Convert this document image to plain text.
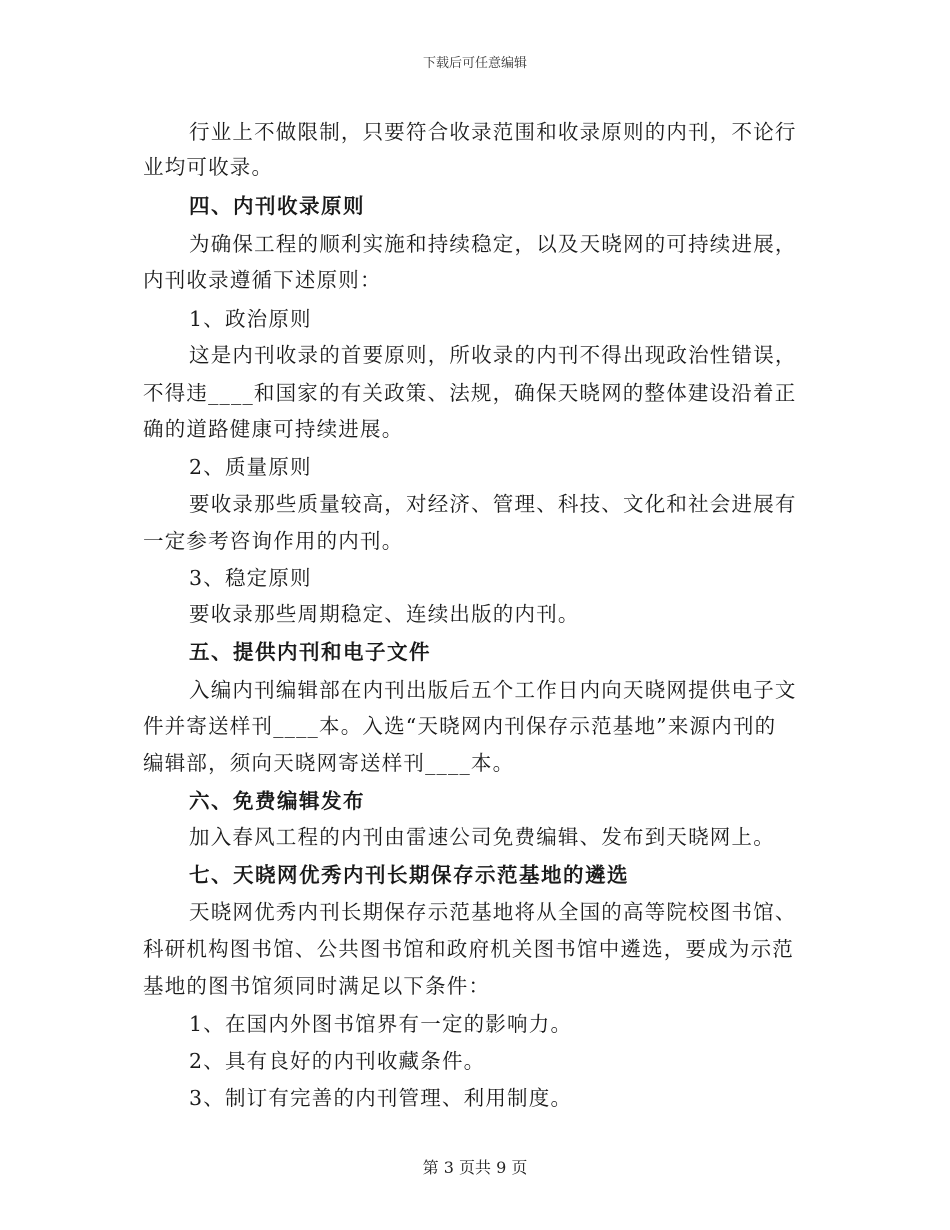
下载后可任意编辑
行业上不做限制，只要符合收录范围和收录原则的内刊，不论行
业均可收录。
四、内刊收录原则
为确保工程的顺利实施和持续稳定，以及天晓网的可持续进展，
内刊收录遵循下述原则：
1、政治原则
这是内刊收录的首要原则，所收录的内刊不得出现政治性错误，
不得违____和国家的有关政策、法规，确保天晓网的整体建设沿着正
确的道路健康可持续进展。
2、质量原则
要收录那些质量较高，对经济、管理、科技、文化和社会进展有
一定参考咨询作用的内刊。
3、稳定原则
要收录那些周期稳定、连续出版的内刊。
五、提供内刊和电子文件
入编内刊编辑部在内刊出版后五个工作日内向天晓网提供电子文
件并寄送样刊____本。入选“天晓网内刊保存示范基地”来源内刊的
编辑部，须向天晓网寄送样刊____本。
六、免费编辑发布
加入春风工程的内刊由雷速公司免费编辑、发布到天晓网上。
七、天晓网优秀内刊长期保存示范基地的遴选
天晓网优秀内刊长期保存示范基地将从全国的高等院校图书馆、
科研机构图书馆、公共图书馆和政府机关图书馆中遴选，要成为示范
基地的图书馆须同时满足以下条件：
1、在国内外图书馆界有一定的影响力。
2、具有良好的内刊收藏条件。
3、制订有完善的内刊管理、利用制度。
第 3 页共 9 页
